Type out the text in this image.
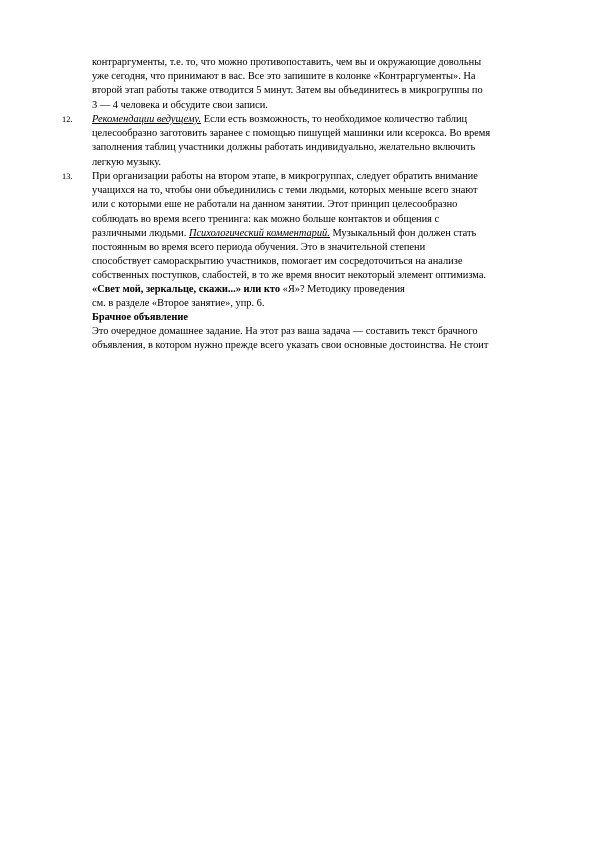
контраргументы, т.е. то, что можно противопоставить, чем вы и окружающие довольны
уже сегодня, что принимают в вас. Все это запишите в колонке «Контраргументы». На
второй этап работы также отводится 5 минут. Затем вы объединитесь в микрогруппы по
3 — 4 человека и обсудите свои записи.
12. Рекомендации ведущему. Если есть возможность, то необходимое количество таблиц
целесообразно заготовить заранее с помощью пишущей машинки или ксерокса. Во время
заполнения таблиц участники должны работать индивидуально, желательно включить
легкую музыку.
13. При организации работы на втором этапе, в микрогруппах, следует обратить внимание
учащихся на то, чтобы они объединились с теми людьми, которых меньше всего знают
или с которыми еше не работали на данном занятии. Этот принцип целесообразно
соблюдать во время всего тренинга: как можно больше контактов и общения с
различными людьми. Психологический комментарий. Музыкальный фон должен стать
постоянным во время всего периода обучения. Это в значительной степени
способствует самораскрытию участников, помогает им сосредоточиться на анализе
собственных поступков, слабостей, в то же время вносит некоторый элемент оптимизма.
«Свет мой, зеркальце, скажи...» или кто «Я»? Методику проведения
см. в разделе «Второе занятие», упр. 6.
Брачное объявление
Это очередное домашнее задание. На этот раз ваша задача — составить текст брачного
объявления, в котором нужно прежде всего указать свои основные достоинства. Не стоит
